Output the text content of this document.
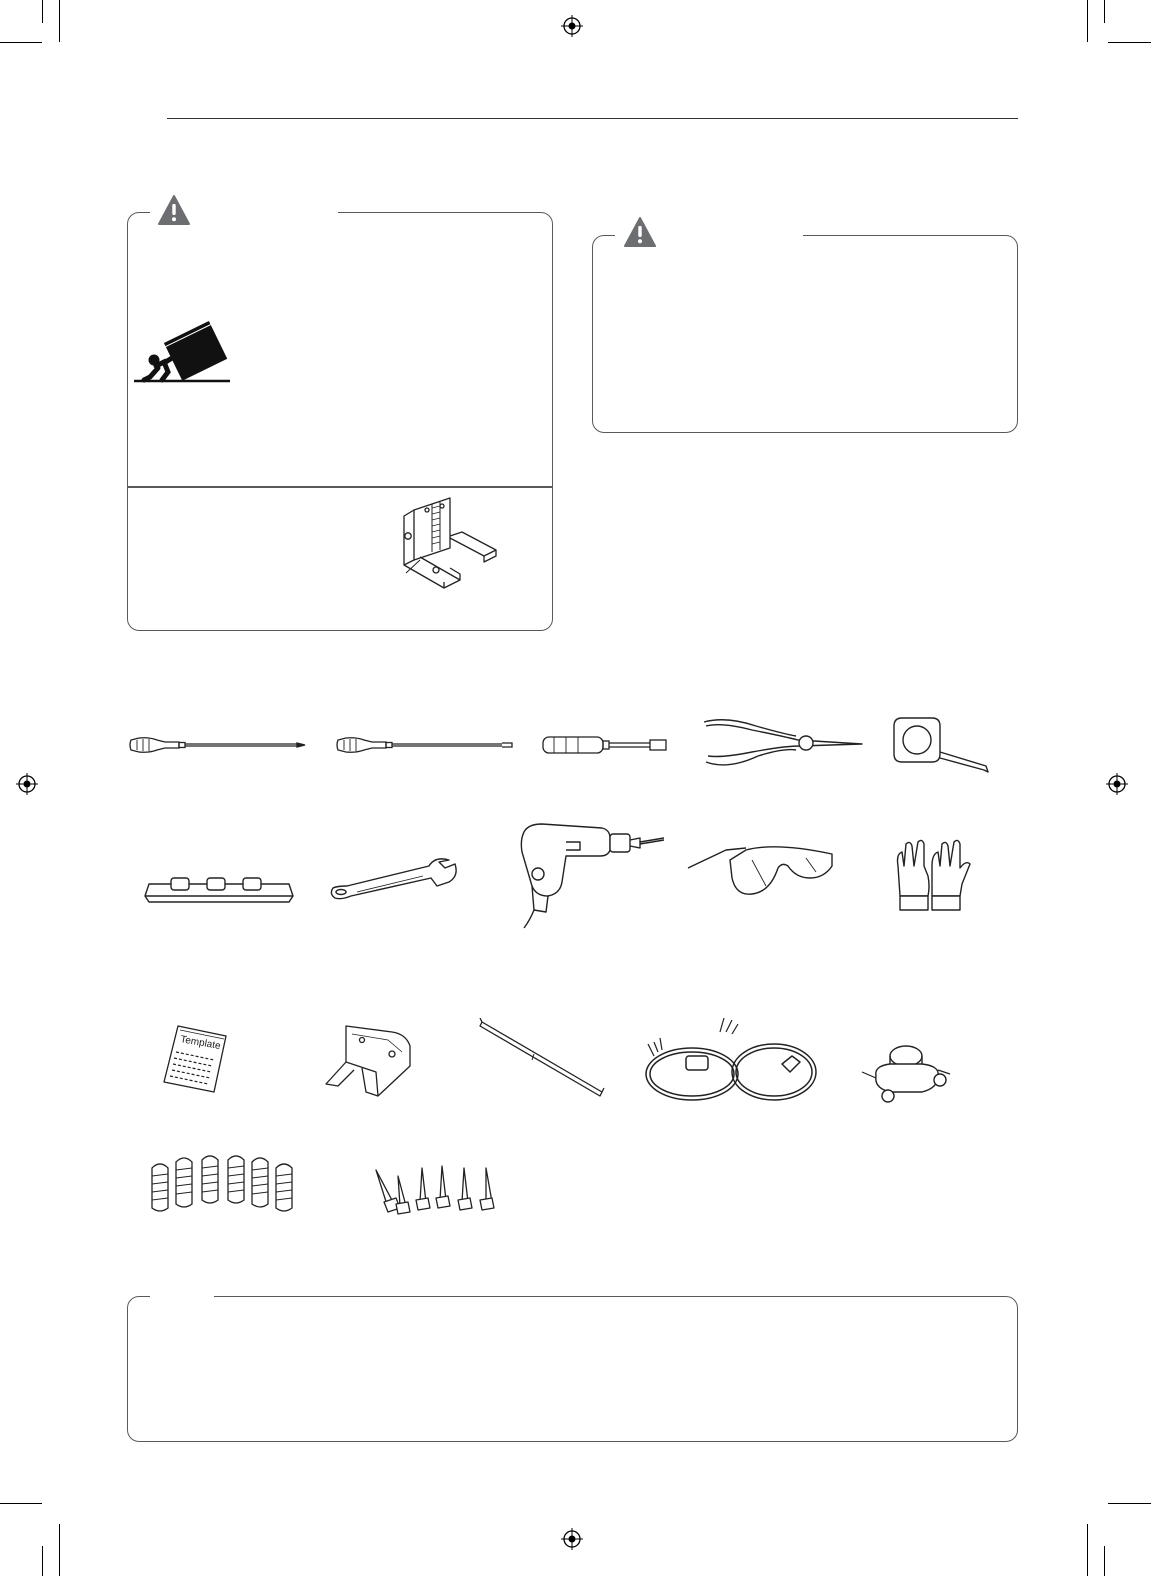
Template
